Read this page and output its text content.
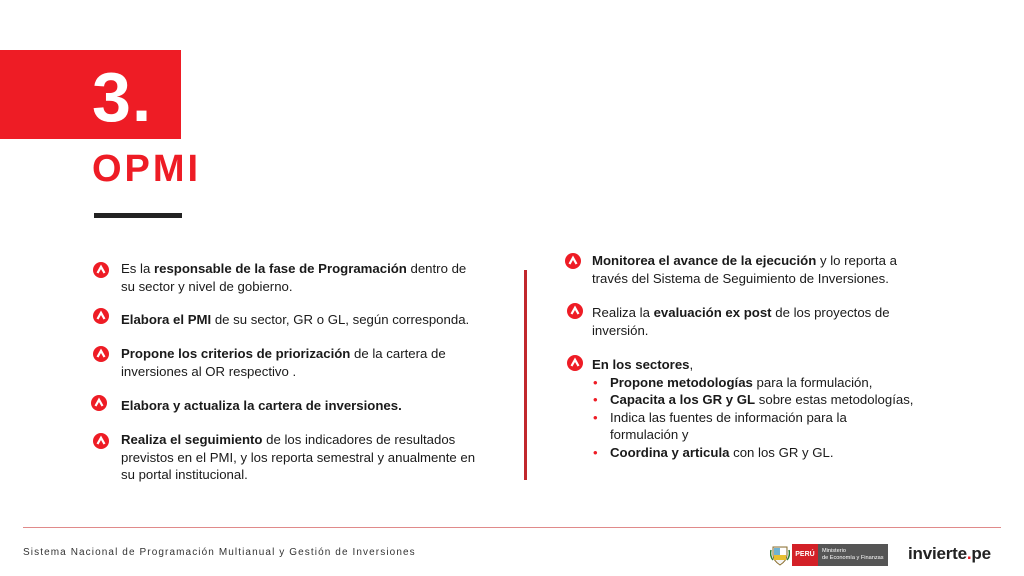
3.
OPMI
Es la responsable de la fase de Programación dentro de su sector y nivel de gobierno.
Elabora el PMI de su sector, GR o GL, según corresponda.
Propone los criterios de priorización de la cartera de inversiones al OR respectivo .
Elabora y actualiza la cartera de inversiones.
Realiza el seguimiento de los indicadores de resultados previstos en el PMI, y los reporta semestral y anualmente en su portal institucional.
Monitorea el avance de la ejecución y lo reporta a través del Sistema de Seguimiento de Inversiones.
Realiza la evaluación ex post de los proyectos de inversión.
En los sectores,
• Propone metodologías para la formulación,
• Capacita a los GR y GL sobre estas metodologías,
• Indica las fuentes de información para la formulación y
• Coordina y articula con los GR y GL.
Sistema Nacional de Programación Multianual y Gestión de Inversiones	PERÚ	Ministerio
de Economía y Finanzas invierte.pe
